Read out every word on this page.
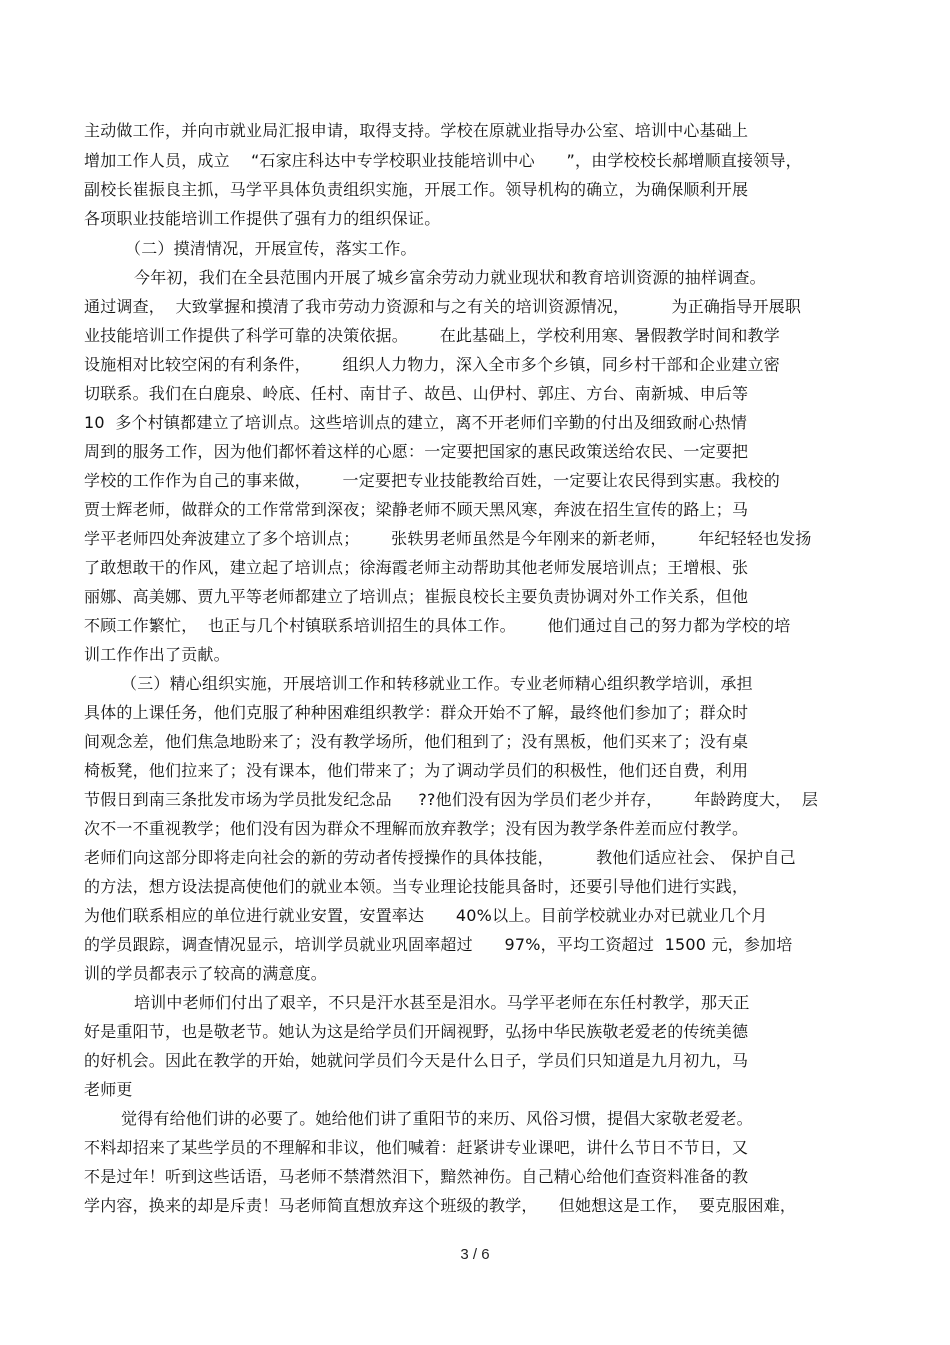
主动做工作，并向市就业局汇报申请，取得支持。学校在原就业指导办公室、培训中心基础上
增加工作人员，成立    “石家庄科达中专学校职业技能培训中心      ”，由学校校长郝增顺直接领导，
副校长崔振良主抓，马学平具体负责组织实施，开展工作。领导机构的确立，为确保顺利开展
各项职业技能培训工作提供了强有力的组织保证。
（二）摸清情况，开展宣传，落实工作。
今年初，我们在全县范围内开展了城乡富余劳动力就业现状和教育培训资源的抽样调查。
通过调查，  大致掌握和摸清了我市劳动力资源和与之有关的培训资源情况，        为正确指导开展职
业技能培训工作提供了科学可靠的决策依据。      在此基础上，学校利用寒、暑假教学时间和教学
设施相对比较空闲的有利条件，      组织人力物力，深入全市多个乡镇，同乡村干部和企业建立密
切联系。我们在白鹿泉、岭底、任村、南甘子、故邑、山伊村、郭庄、方台、南新城、申后等
10  多个村镇都建立了培训点。这些培训点的建立，离不开老师们辛勤的付出及细致耐心热情
周到的服务工作，因为他们都怀着这样的心愿：一定要把国家的惠民政策送给农民、一定要把
学校的工作作为自己的事来做，      一定要把专业技能教给百姓，一定要让农民得到实惠。我校的
贾士辉老师，做群众的工作常常到深夜；梁静老师不顾天黑风寒，奔波在招生宣传的路上；马
学平老师四处奔波建立了多个培训点；      张轶男老师虽然是今年刚来的新老师，      年纪轻轻也发扬
了敢想敢干的作风，建立起了培训点；徐海霞老师主动帮助其他老师发展培训点；王增根、张
丽娜、高美娜、贾九平等老师都建立了培训点；崔振良校长主要负责协调对外工作关系，但他
不顾工作繁忙，  也正与几个村镇联系培训招生的具体工作。      他们通过自己的努力都为学校的培
训工作作出了贡献。
（三）精心组织实施，开展培训工作和转移就业工作。专业老师精心组织教学培训，承担
具体的上课任务，他们克服了种种困难组织教学：群众开始不了解，最终他们参加了；群众时
间观念差，他们焦急地盼来了；没有教学场所，他们租到了；没有黑板，他们买来了；没有桌
椅板凳，他们拉来了；没有课本，他们带来了；为了调动学员们的积极性，他们还自费，利用
节假日到南三条批发市场为学员批发纪念品     ??他们没有因为学员们老少并存，      年龄跨度大，  层
次不一不重视教学；他们没有因为群众不理解而放弃教学；没有因为教学条件差而应付教学。
老师们向这部分即将走向社会的新的劳动者传授操作的具体技能，        教他们适应社会、 保护自己
的方法，想方设法提高使他们的就业本领。当专业理论技能具备时，还要引导他们进行实践，
为他们联系相应的单位进行就业安置，安置率达      40%以上。目前学校就业办对已就业几个月
的学员跟踪，调查情况显示，培训学员就业巩固率超过      97%，平均工资超过  1500 元，参加培
训的学员都表示了较高的满意度。
培训中老师们付出了艰辛，不只是汗水甚至是泪水。马学平老师在东任村教学，那天正
好是重阳节，也是敬老节。她认为这是给学员们开阔视野，弘扬中华民族敬老爱老的传统美德
的好机会。因此在教学的开始，她就问学员们今天是什么日子，学员们只知道是九月初九，马
老师更
觉得有给他们讲的必要了。她给他们讲了重阳节的来历、风俗习惯，提倡大家敬老爱老。
不料却招来了某些学员的不理解和非议，他们喊着：赶紧讲专业课吧，讲什么节日不节日，又
不是过年！听到这些话语，马老师不禁潸然泪下，黯然神伤。自己精心给他们查资料准备的教
学内容，换来的却是斥责！马老师简直想放弃这个班级的教学，    但她想这是工作，  要克服困难，
3 / 6
